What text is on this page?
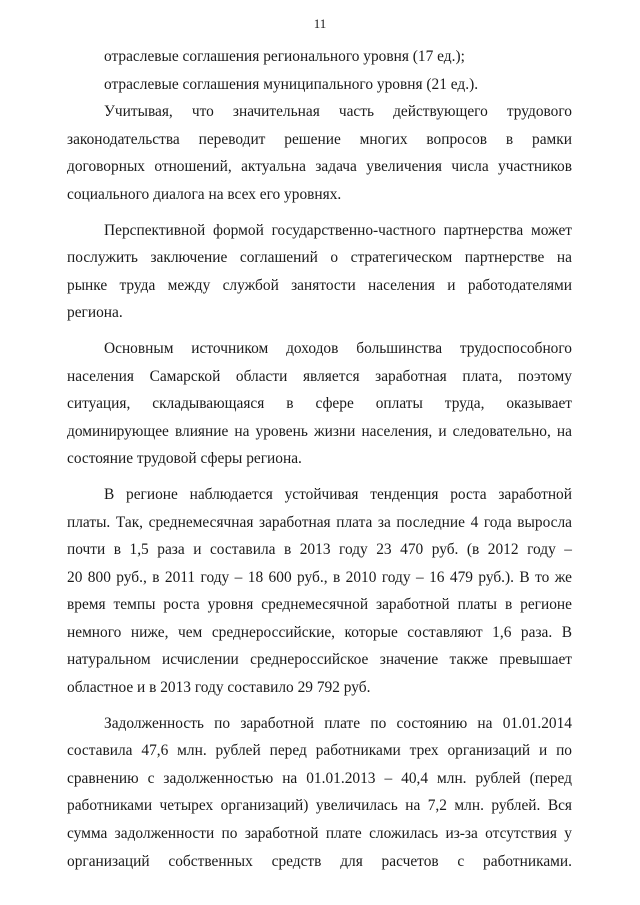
11
отраслевые соглашения регионального уровня (17 ед.);
отраслевые соглашения муниципального уровня (21 ед.).
Учитывая, что значительная часть действующего трудового
законодательства переводит решение многих вопросов в рамки
договорных отношений, актуальна задача увеличения числа участников
социального диалога на всех его уровнях.
Перспективной формой государственно-частного партнерства может
послужить заключение соглашений о стратегическом партнерстве на
рынке труда между службой занятости населения и работодателями
региона.
Основным источником доходов большинства трудоспособного
населения Самарской области является заработная плата, поэтому
ситуация, складывающаяся в сфере оплаты труда, оказывает
доминирующее влияние на уровень жизни населения, и следовательно, на
состояние трудовой сферы региона.
В регионе наблюдается устойчивая тенденция роста заработной
платы. Так, среднемесячная заработная плата за последние 4 года выросла
почти в 1,5 раза и составила в 2013 году 23 470 руб. (в 2012 году –
20 800 руб., в 2011 году – 18 600 руб., в 2010 году – 16 479 руб.). В то же
время темпы роста уровня среднемесячной заработной платы в регионе
немного ниже, чем среднероссийские, которые составляют 1,6 раза. В
натуральном исчислении среднероссийское значение также превышает
областное и в 2013 году составило 29 792 руб.
Задолженность по заработной плате по состоянию на 01.01.2014
составила 47,6 млн. рублей перед работниками трех организаций и по
сравнению с задолженностью на 01.01.2013 – 40,4 млн. рублей (перед
работниками четырех организаций) увеличилась на 7,2 млн. рублей. Вся
сумма задолженности по заработной плате сложилась из-за отсутствия у
организаций собственных средств для расчетов с работниками.
